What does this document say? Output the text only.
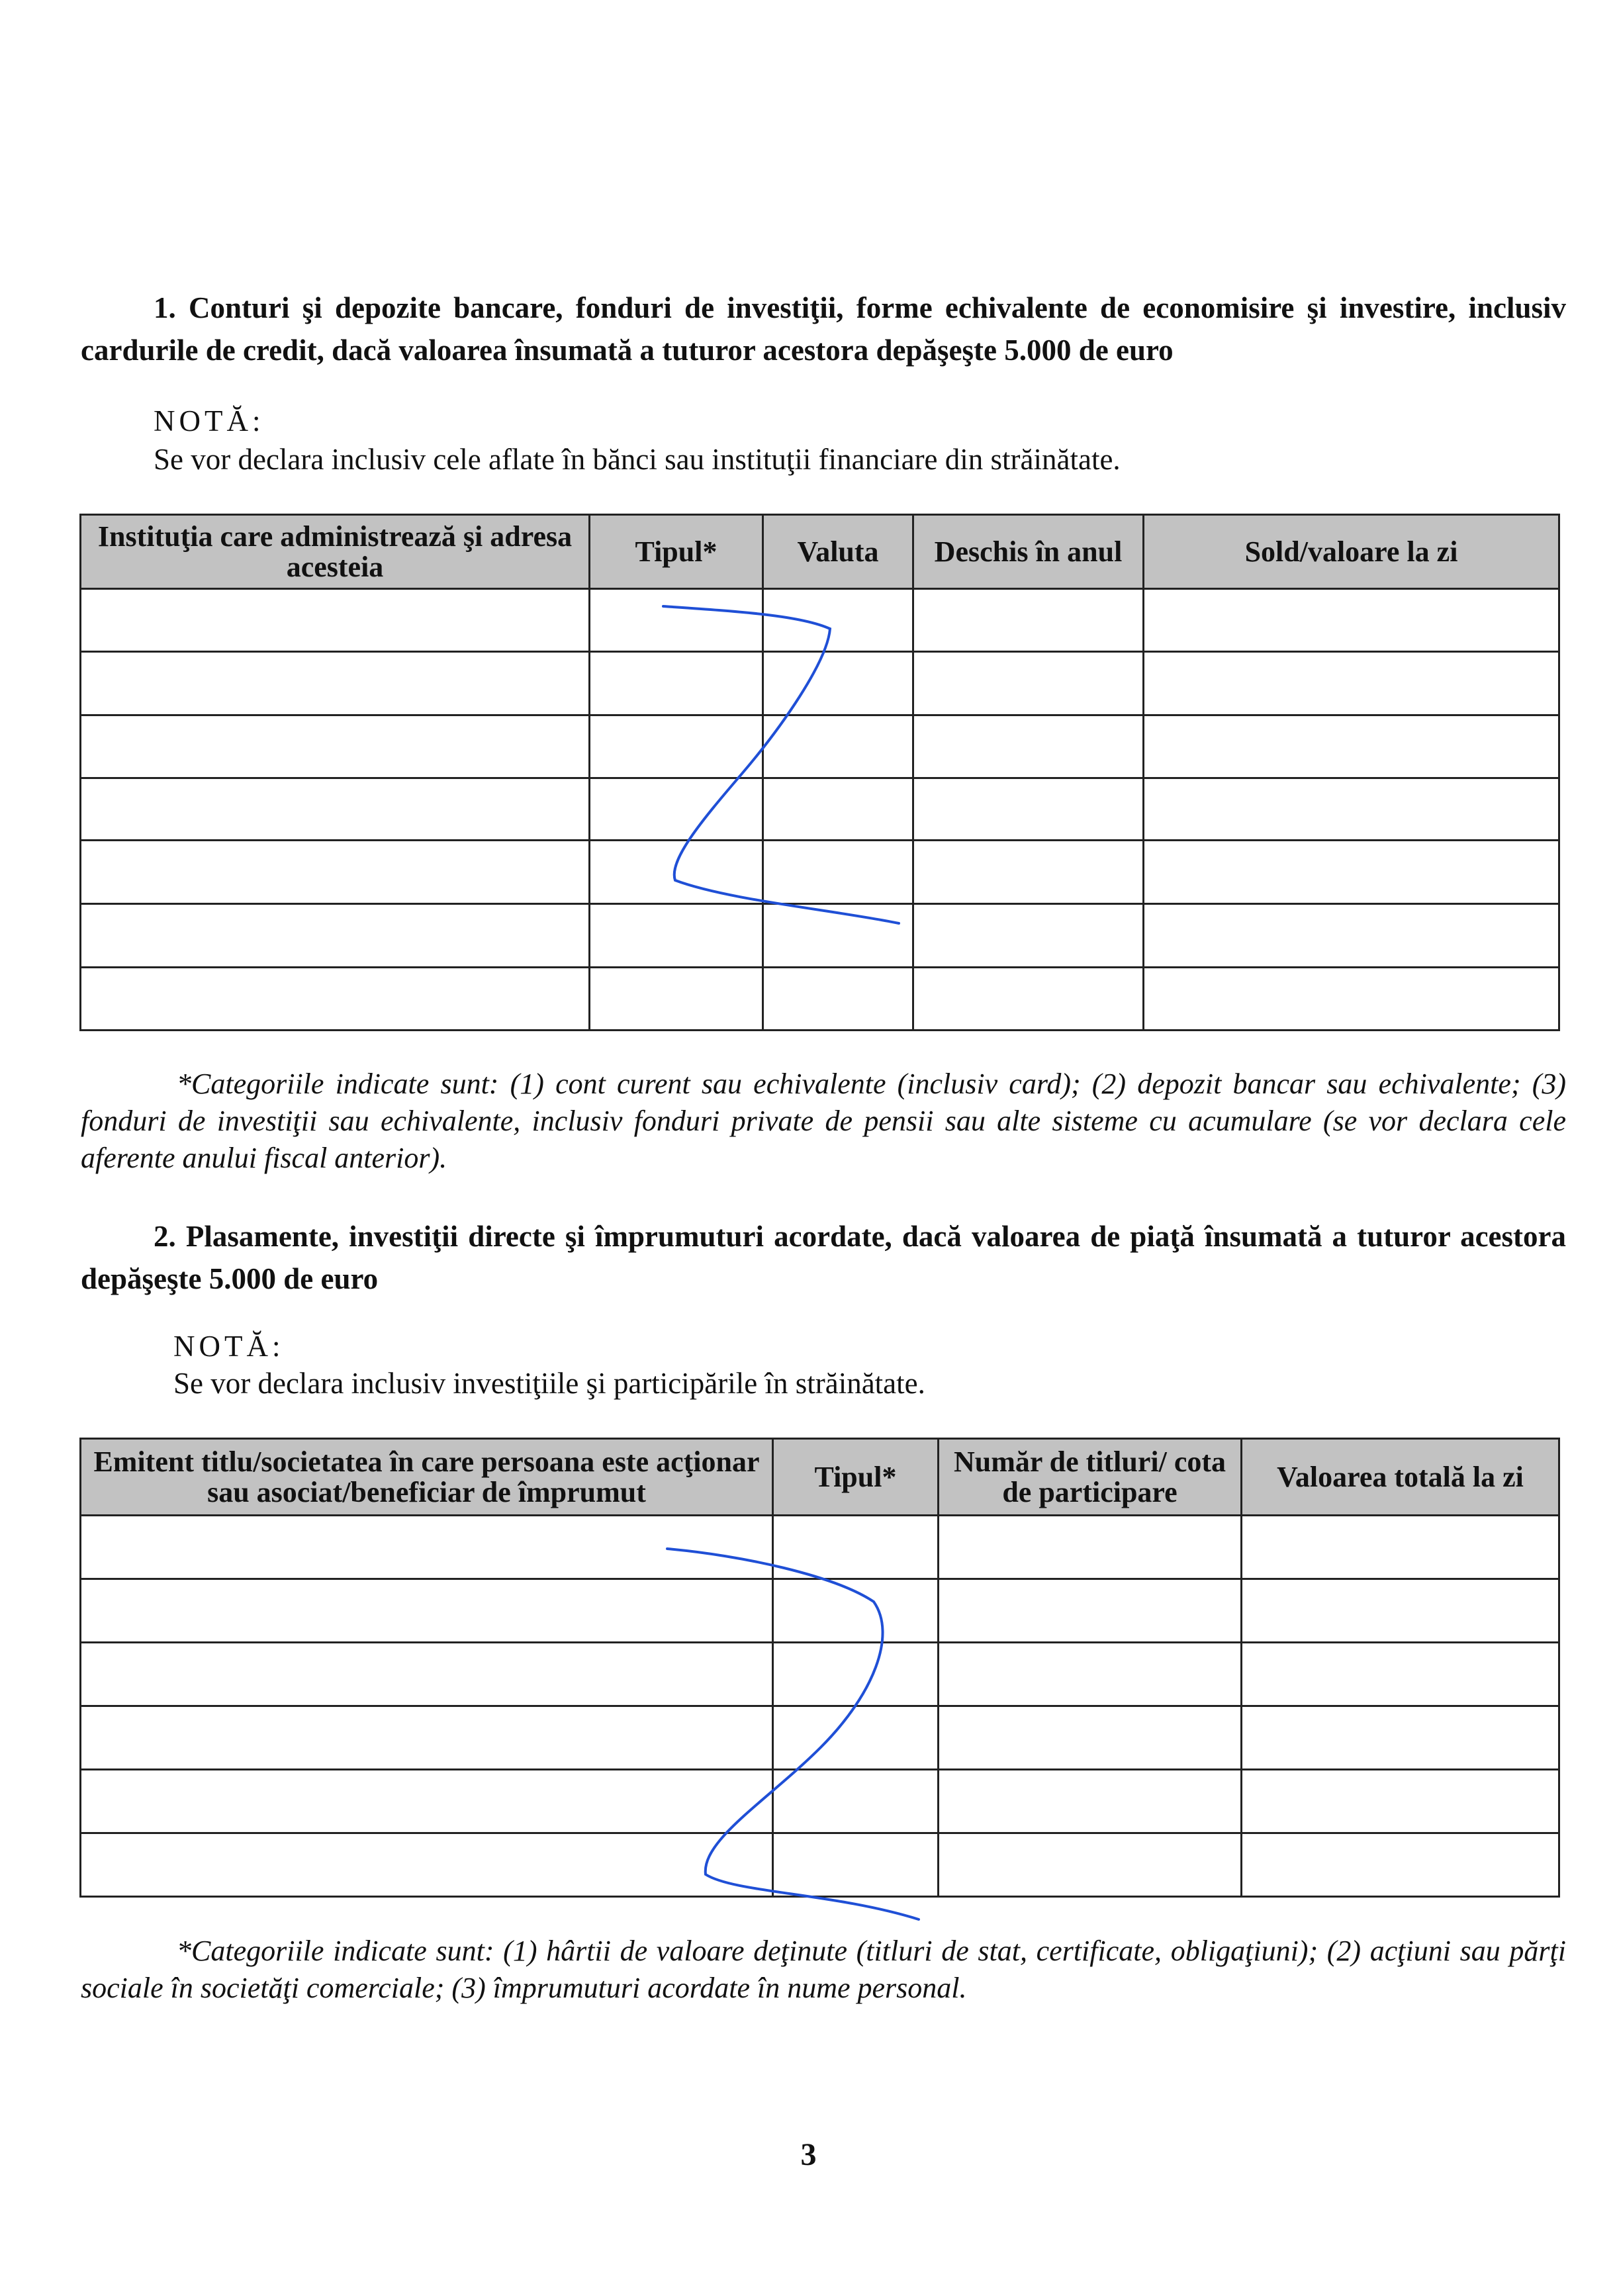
1. Conturi şi depozite bancare, fonduri de investiţii, forme echivalente de economisire şi investire, inclusiv cardurile de credit, dacă valoarea însumată a tuturor acestora depăşeşte 5.000 de euro
NOTĂ:
Se vor declara inclusiv cele aflate în bănci sau instituţii financiare din străinătate.
Instituţia care administrează şi adresa acesteia	Tipul*	Valuta	Deschis în anul	Sold/valoare la zi

*Categoriile indicate sunt: (1) cont curent sau echivalente (inclusiv card); (2) depozit bancar sau echivalente; (3) fonduri de investiţii sau echivalente, inclusiv fonduri private de pensii sau alte sisteme cu acumulare (se vor declara cele aferente anului fiscal anterior).
2. Plasamente, investiţii directe şi împrumuturi acordate, dacă valoarea de piaţă însumată a tuturor acestora depăşeşte 5.000 de euro
NOTĂ:
Se vor declara inclusiv investiţiile şi participările în străinătate.
Emitent titlu/societatea în care persoana este acţionar sau asociat/beneficiar de împrumut	Tipul*	Număr de titluri/ cota de participare	Valoarea totală la zi

*Categoriile indicate sunt: (1) hârtii de valoare deţinute (titluri de stat, certificate, obligaţiuni); (2) acţiuni sau părţi sociale în societăţi comerciale; (3) împrumuturi acordate în nume personal.
3
